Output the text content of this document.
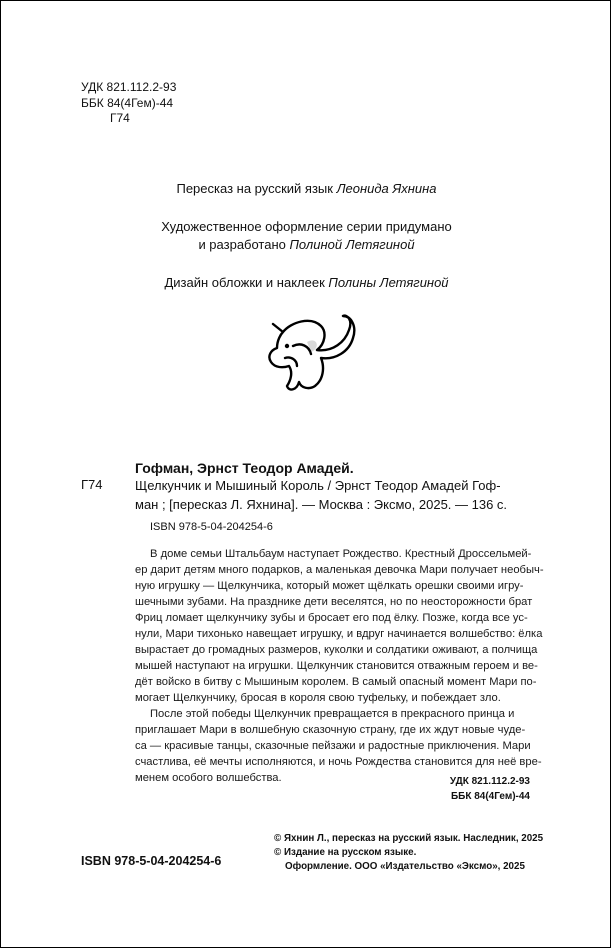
УДК 821.112.2-93
ББК 84(4Гем)-44
Г74
Пересказ на русский язык Леонида Яхнина
Художественное оформление серии придумано
и разработано Полиной Летягиной
Дизайн обложки и наклеек Полины Летягиной
Г74
Гофман, Эрнст Теодор Амадей.
Щелкунчик и Мышиный Король / Эрнст Теодор Амадей Гоф-
ман ; [пересказ Л. Яхнина]. — Москва : Эксмо, 2025. — 136 с.
ISBN 978-5-04-204254-6
В доме семьи Штальбаум наступает Рождество. Крестный Дроссельмей-
ер дарит детям много подарков, а маленькая девочка Мари получает необыч-
ную игрушку — Щелкунчика, который может щёлкать орешки своими игру-
шечными зубами. На празднике дети веселятся, но по неосторожности брат
Фриц ломает щелкунчику зубы и бросает его под ёлку. Позже, когда все ус-
нули, Мари тихонько навещает игрушку, и вдруг начинается волшебство: ёлка
вырастает до громадных размеров, куколки и солдатики оживают, а полчища
мышей наступают на игрушки. Щелкунчик становится отважным героем и ве-
дёт войско в битву с Мышиным королем. В самый опасный момент Мари по-
могает Щелкунчику, бросая в короля свою туфельку, и побеждает зло.
После этой победы Щелкунчик превращается в прекрасного принца и
приглашает Мари в волшебную сказочную страну, где их ждут новые чуде-
са — красивые танцы, сказочные пейзажи и радостные приключения. Мари
счастлива, её мечты исполняются, и ночь Рождества становится для неё вре-
менем особого волшебства.	УДК 821.112.2-93
ББК 84(4Гем)-44
© Яхнин Л., пересказ на русский язык. Наследник, 2025
© Издание на русском языке.
Оформление. ООО «Издательство «Эксмо», 2025
ISBN 978-5-04-204254-6
